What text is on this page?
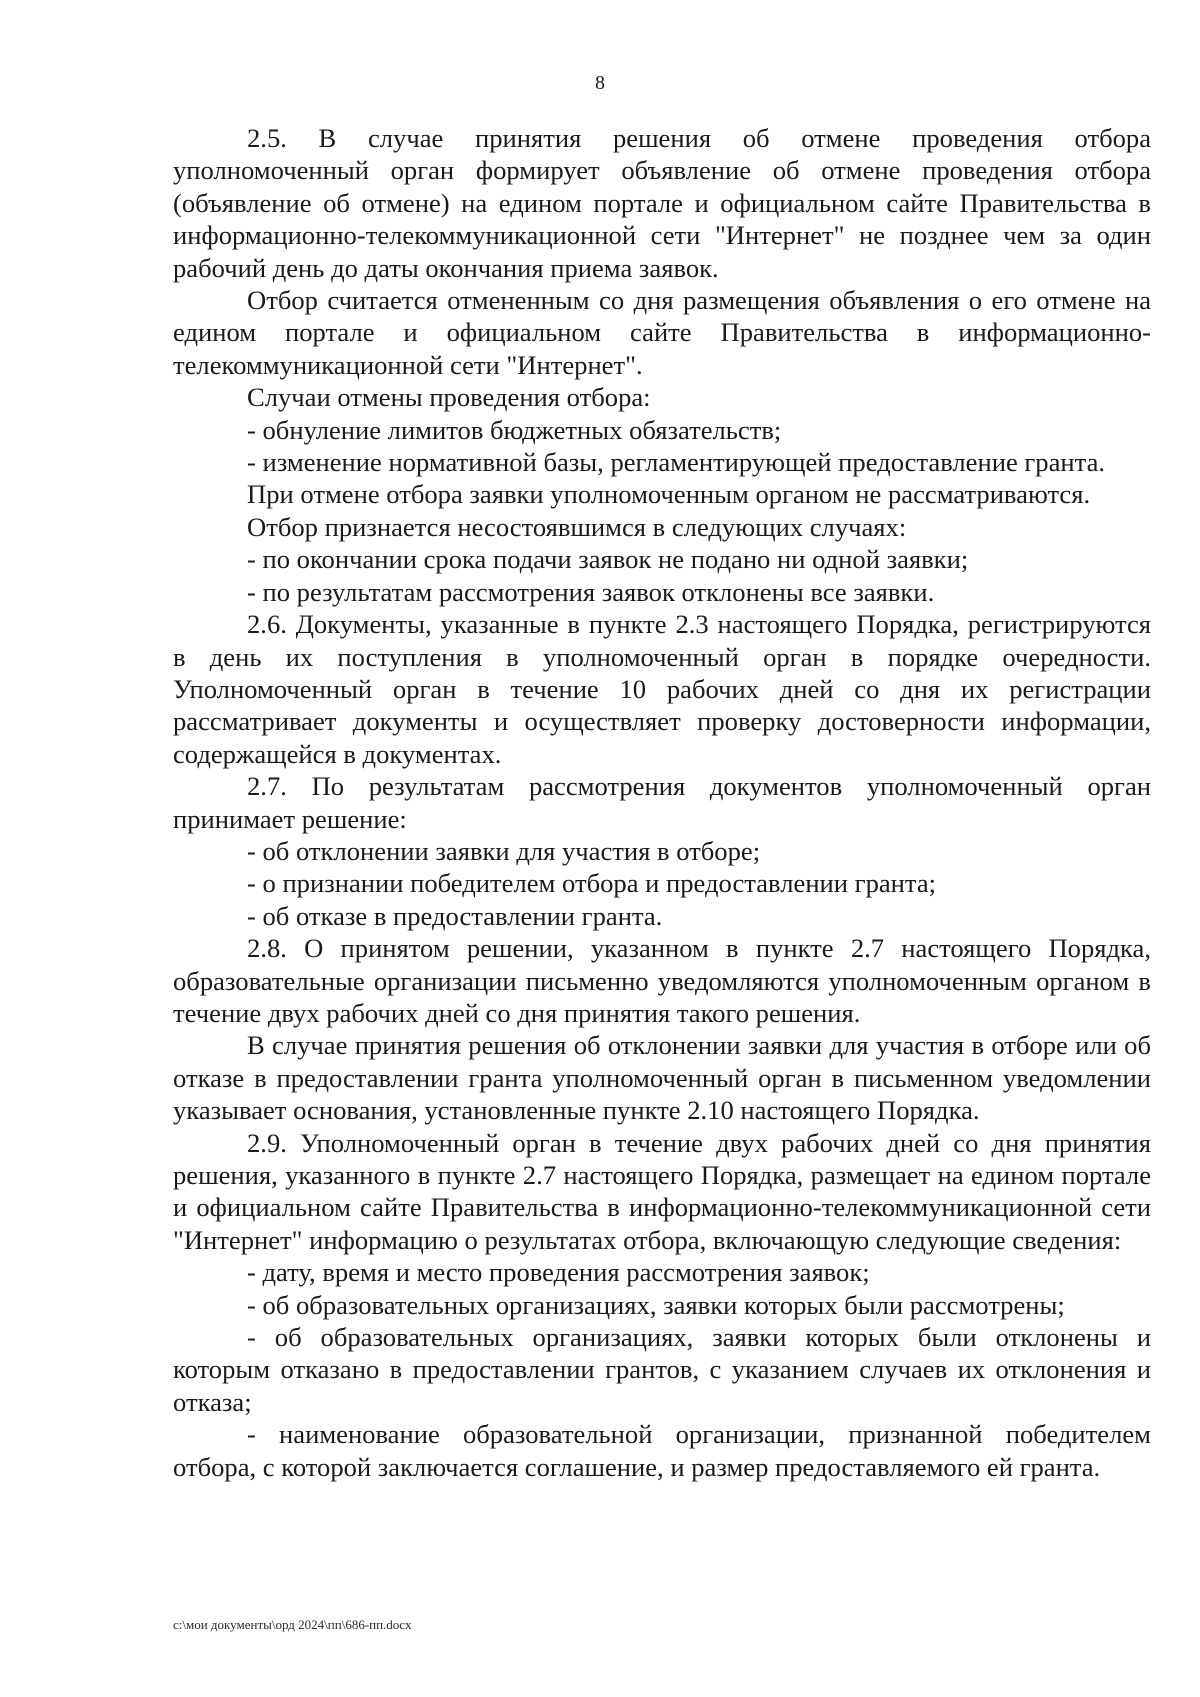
8

2.5. В случае принятия решения об отмене проведения отбора уполномоченный орган формирует объявление об отмене проведения отбора (объявление об отмене) на едином портале и официальном сайте Правительства в информационно-телекоммуникационной сети "Интернет" не позднее чем за один рабочий день до даты окончания приема заявок.

Отбор считается отмененным со дня размещения объявления о его отмене на едином портале и официальном сайте Правительства в информационно-телекоммуникационной сети "Интернет".

Случаи отмены проведения отбора:

- обнуление лимитов бюджетных обязательств;

- изменение нормативной базы, регламентирующей предоставление гранта.

При отмене отбора заявки уполномоченным органом не рассматриваются.

Отбор признается несостоявшимся в следующих случаях:

- по окончании срока подачи заявок не подано ни одной заявки;

- по результатам рассмотрения заявок отклонены все заявки.

2.6. Документы, указанные в пункте 2.3 настоящего Порядка, регистрируются в день их поступления в уполномоченный орган в порядке очередности. Уполномоченный орган в течение 10 рабочих дней со дня их регистрации рассматривает документы и осуществляет проверку достоверности информации, содержащейся в документах.

2.7. По результатам рассмотрения документов уполномоченный орган принимает решение:

- об отклонении заявки для участия в отборе;

- о признании победителем отбора и предоставлении гранта;

- об отказе в предоставлении гранта.

2.8. О принятом решении, указанном в пункте 2.7 настоящего Порядка, образовательные организации письменно уведомляются уполномоченным органом в течение двух рабочих дней со дня принятия такого решения.

В случае принятия решения об отклонении заявки для участия в отборе или об отказе в предоставлении гранта уполномоченный орган в письменном уведомлении указывает основания, установленные пункте 2.10 настоящего Порядка.

2.9. Уполномоченный орган в течение двух рабочих дней со дня принятия решения, указанного в пункте 2.7 настоящего Порядка, размещает на едином портале и официальном сайте Правительства в информационно-телекоммуникационной сети "Интернет" информацию о результатах отбора, включающую следующие сведения:

- дату, время и место проведения рассмотрения заявок;

- об образовательных организациях, заявки которых были рассмотрены;

- об образовательных организациях, заявки которых были отклонены и которым отказано в предоставлении грантов, с указанием случаев их отклонения и отказа;

- наименование образовательной организации, признанной победителем отбора, с которой заключается соглашение, и размер предоставляемого ей гранта.

c:\мои документы\орд 2024\пп\686-пп.docx
